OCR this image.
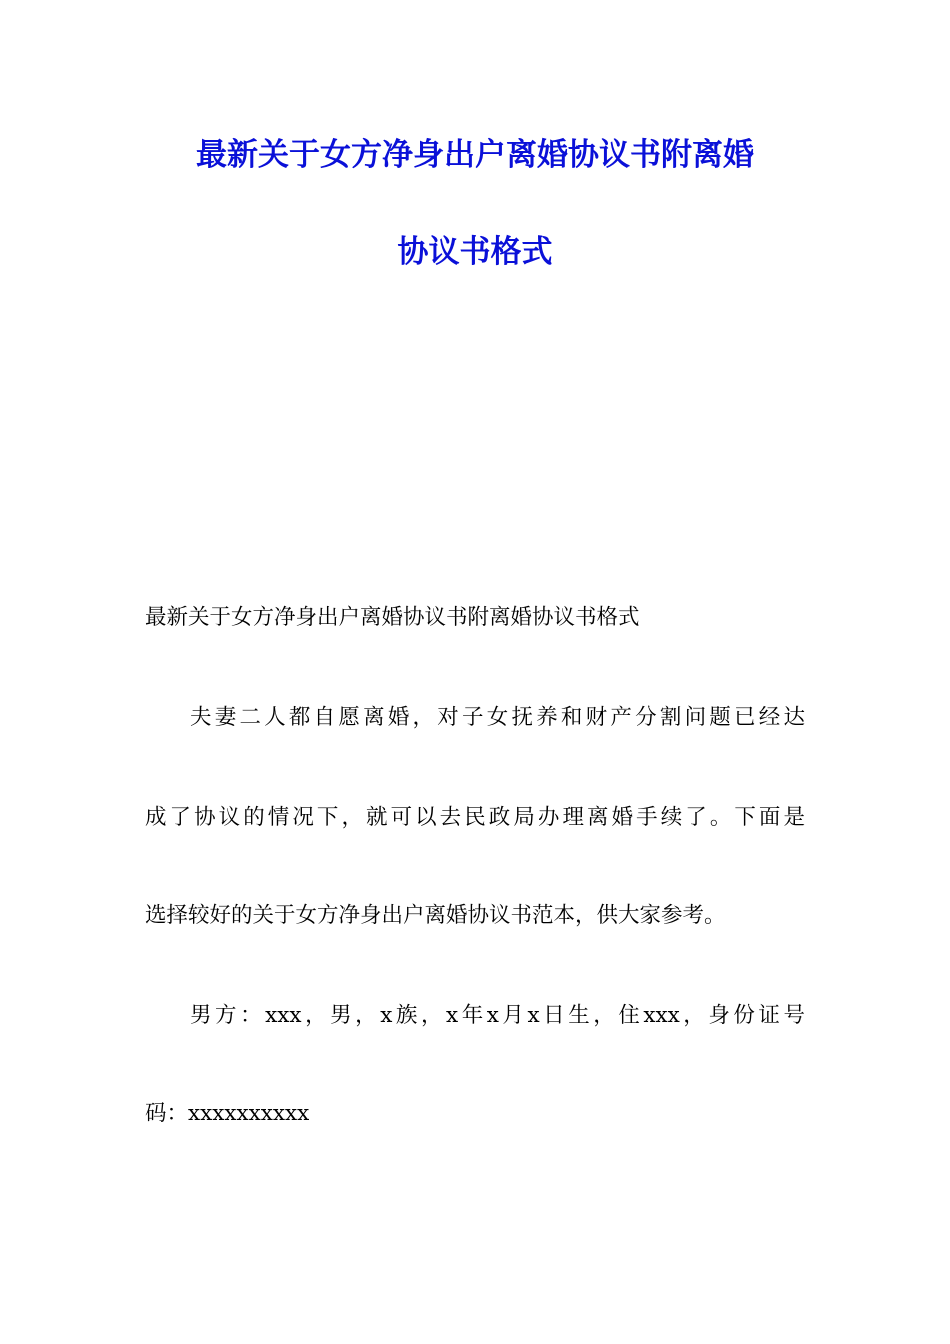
最新关于女方净身出户离婚协议书附离婚
协议书格式

最新关于女方净身出户离婚协议书附离婚协议书格式

夫妻二人都自愿离婚，对子女抚养和财产分割问题已经达

成了协议的情况下，就可以去民政局办理离婚手续了。下面是

选择较好的关于女方净身出户离婚协议书范本，供大家参考。

男方：xxx，男，x族，x年x月x日生，住xxx，身份证号

码：xxxxxxxxxx
